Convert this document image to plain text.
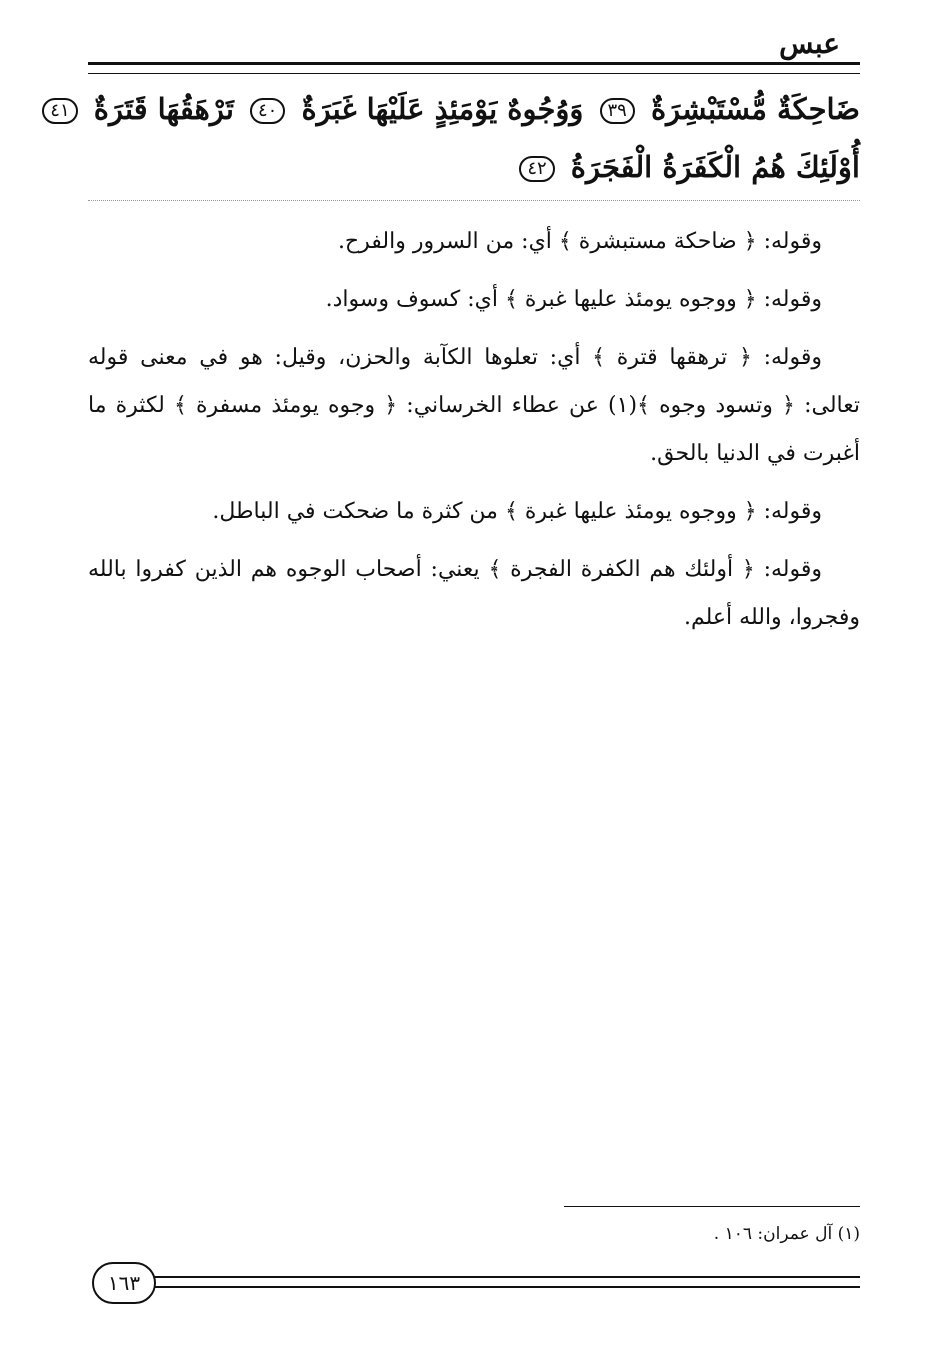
عبس
ضَاحِكَةٌ مُّسْتَبْشِرَةٌ ٣٩ وَوُجُوهٌ يَوْمَئِذٍ عَلَيْهَا غَبَرَةٌ ٤٠ تَرْهَقُهَا قَتَرَةٌ ٤١
أُوْلَئِكَ هُمُ الْكَفَرَةُ الْفَجَرَةُ ٤٢

وقوله: ﴿ ضاحكة مستبشرة ﴾ أي: من السرور والفرح.

وقوله: ﴿ ووجوه يومئذ عليها غبرة ﴾ أي: كسوف وسواد.

وقوله: ﴿ ترهقها قترة ﴾ أي: تعلوها الكآبة والحزن، وقيل: هو في معنى قوله تعالى: ﴿ وتسود وجوه ﴾(١) عن عطاء الخرساني: ﴿ وجوه يومئذ مسفرة ﴾ لكثرة ما أغبرت في الدنيا بالحق.

وقوله: ﴿ ووجوه يومئذ عليها غبرة ﴾ من كثرة ما ضحكت في الباطل.

وقوله: ﴿ أولئك هم الكفرة الفجرة ﴾ يعني: أصحاب الوجوه هم الذين كفروا بالله وفجروا، والله أعلم.

(١) آل عمران: ١٠٦ .
١٦٣
